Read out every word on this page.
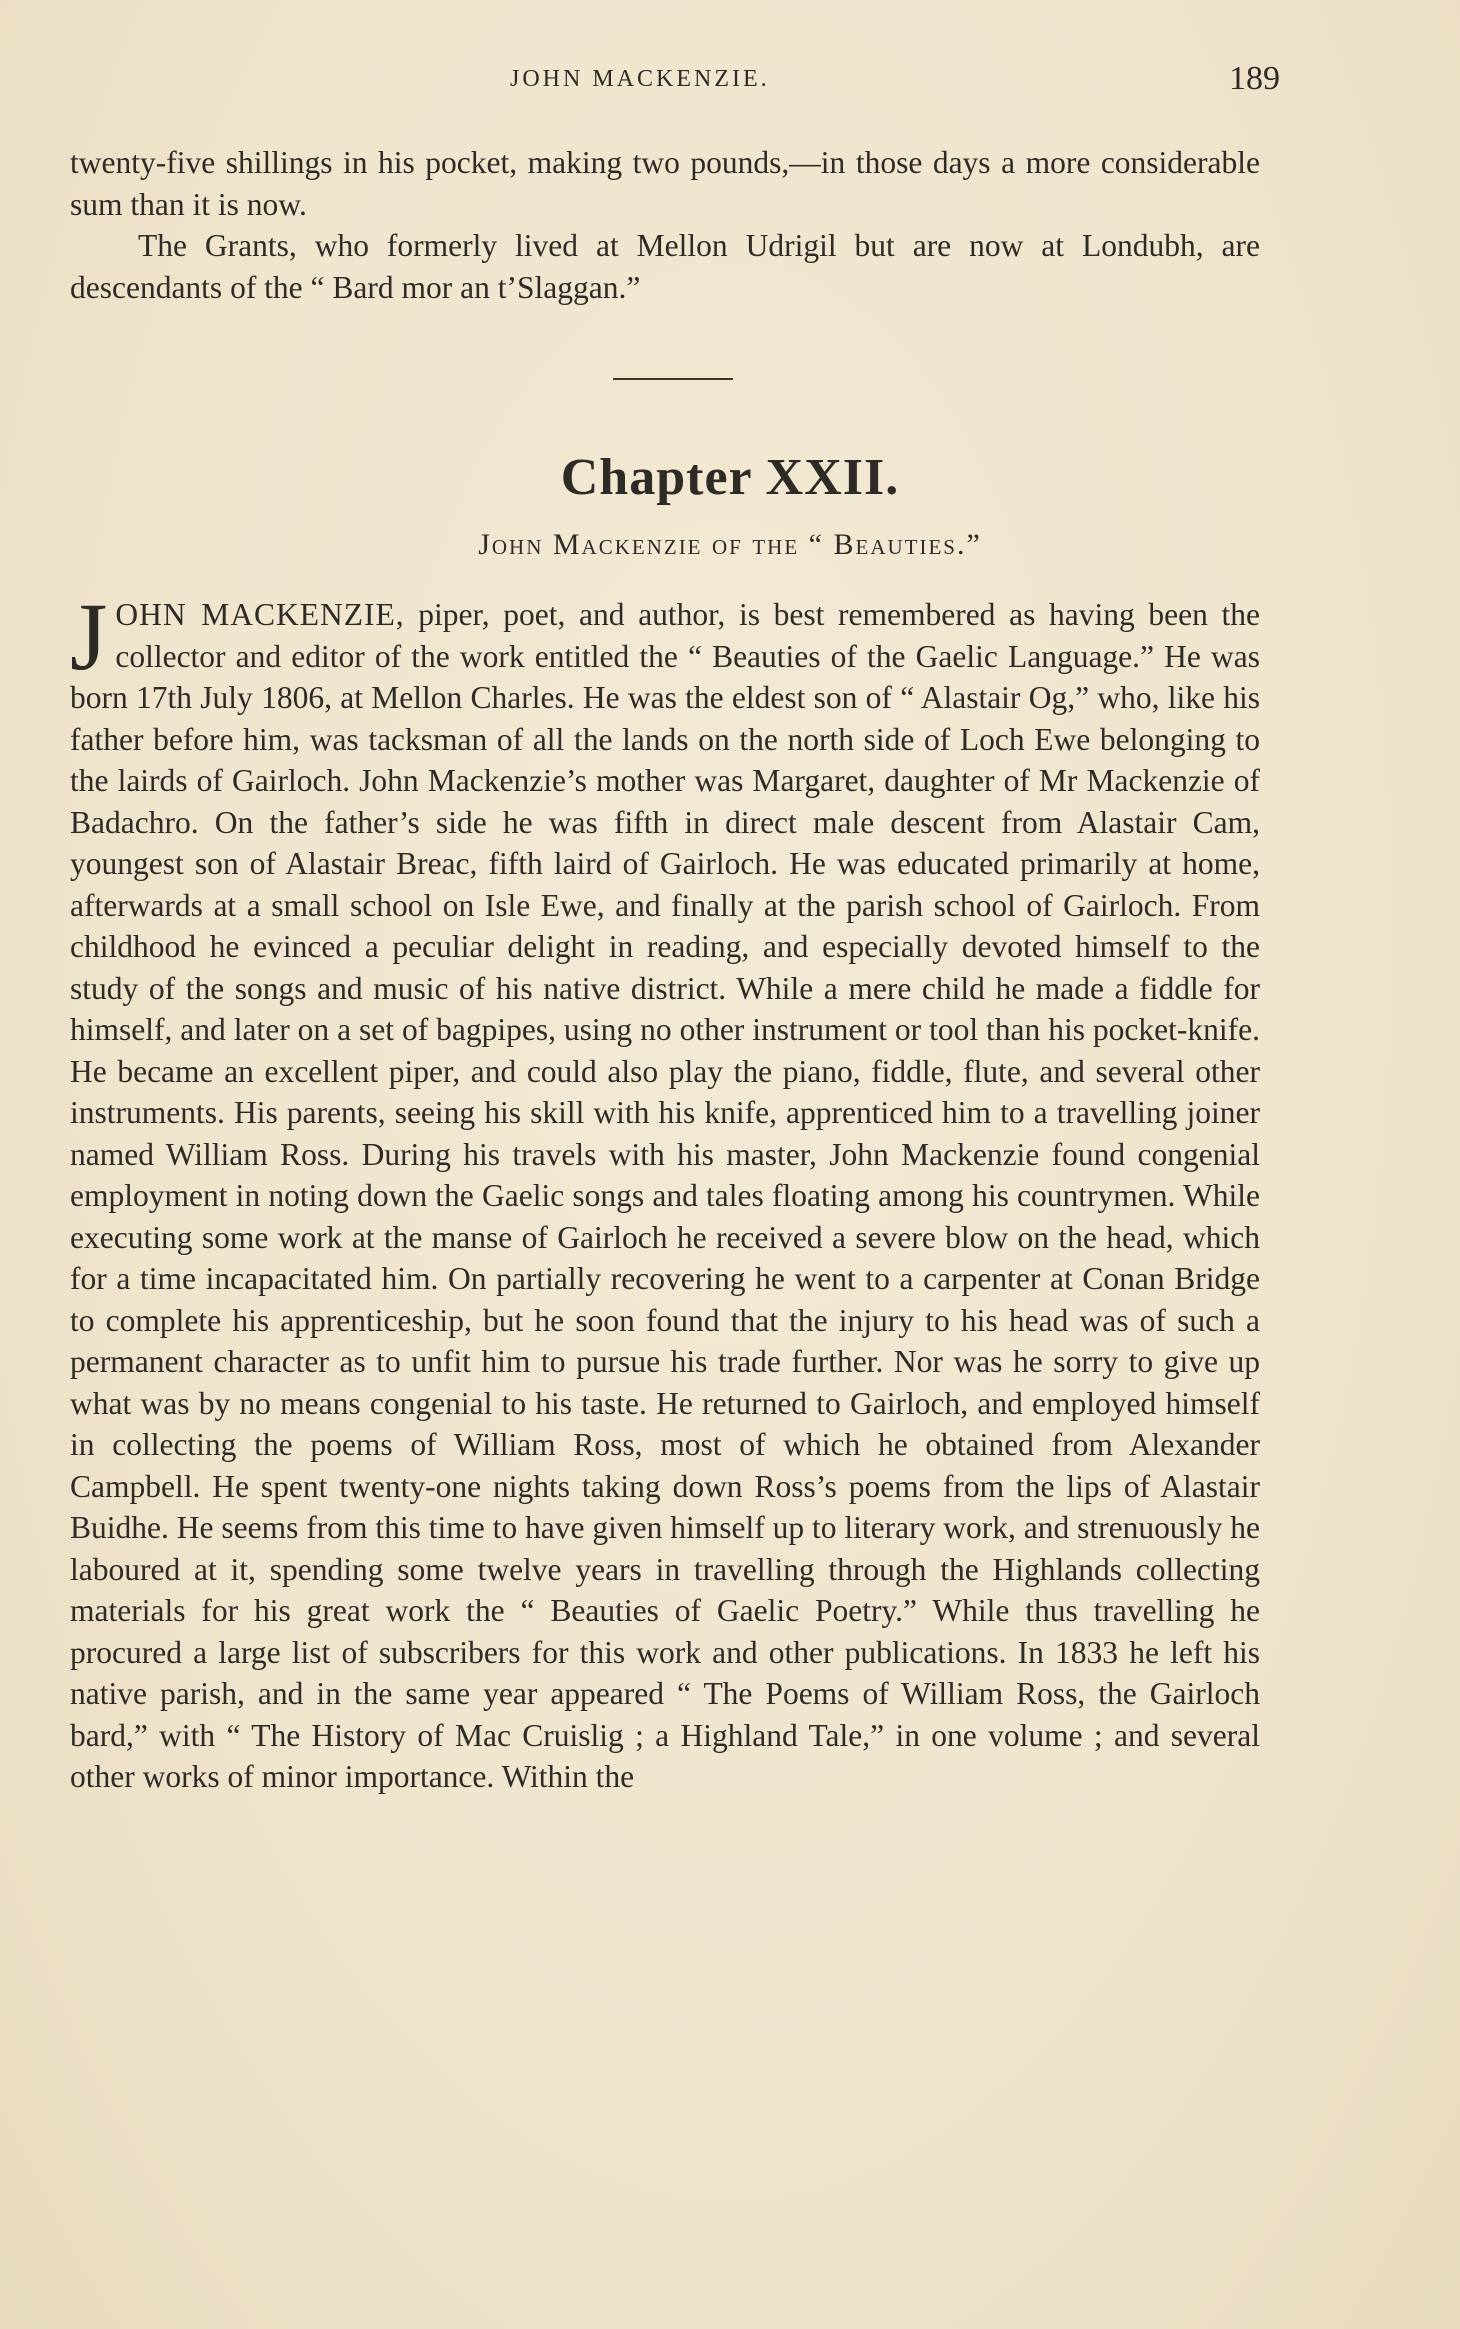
JOHN MACKENZIE.	189

twenty-five shillings in his pocket, making two pounds,—in those days a more considerable sum than it is now.

The Grants, who formerly lived at Mellon Udrigil but are now at Londubh, are descendants of the “ Bard mor an t’Slaggan.”

Chapter XXII.
John Mackenzie of the “ Beauties.”

JOHN MACKENZIE, piper, poet, and author, is best remembered as having been the collector and editor of the work entitled the “ Beauties of the Gaelic Language.” He was born 17th July 1806, at Mellon Charles. He was the eldest son of “ Alastair Og,” who, like his father before him, was tacksman of all the lands on the north side of Loch Ewe belonging to the lairds of Gairloch. John Mackenzie’s mother was Margaret, daughter of Mr Mackenzie of Badachro. On the father’s side he was fifth in direct male descent from Alastair Cam, youngest son of Alastair Breac, fifth laird of Gairloch. He was educated primarily at home, afterwards at a small school on Isle Ewe, and finally at the parish school of Gairloch. From childhood he evinced a peculiar delight in reading, and especially devoted himself to the study of the songs and music of his native district. While a mere child he made a fiddle for himself, and later on a set of bagpipes, using no other instrument or tool than his pocket-knife. He became an excellent piper, and could also play the piano, fiddle, flute, and several other instruments. His parents, seeing his skill with his knife, apprenticed him to a travelling joiner named William Ross. During his travels with his master, John Mackenzie found congenial employment in noting down the Gaelic songs and tales floating among his countrymen. While executing some work at the manse of Gairloch he received a severe blow on the head, which for a time incapacitated him. On partially recovering he went to a carpenter at Conan Bridge to complete his apprenticeship, but he soon found that the injury to his head was of such a permanent character as to unfit him to pursue his trade further. Nor was he sorry to give up what was by no means congenial to his taste. He returned to Gairloch, and employed himself in collecting the poems of William Ross, most of which he obtained from Alexander Campbell. He spent twenty-one nights taking down Ross’s poems from the lips of Alastair Buidhe. He seems from this time to have given himself up to literary work, and strenuously he laboured at it, spending some twelve years in travelling through the Highlands collecting materials for his great work the “ Beauties of Gaelic Poetry.” While thus travelling he procured a large list of subscribers for this work and other publications. In 1833 he left his native parish, and in the same year appeared “ The Poems of William Ross, the Gairloch bard,” with “ The History of Mac Cruislig ; a Highland Tale,” in one volume ; and several other works of minor importance. Within the
